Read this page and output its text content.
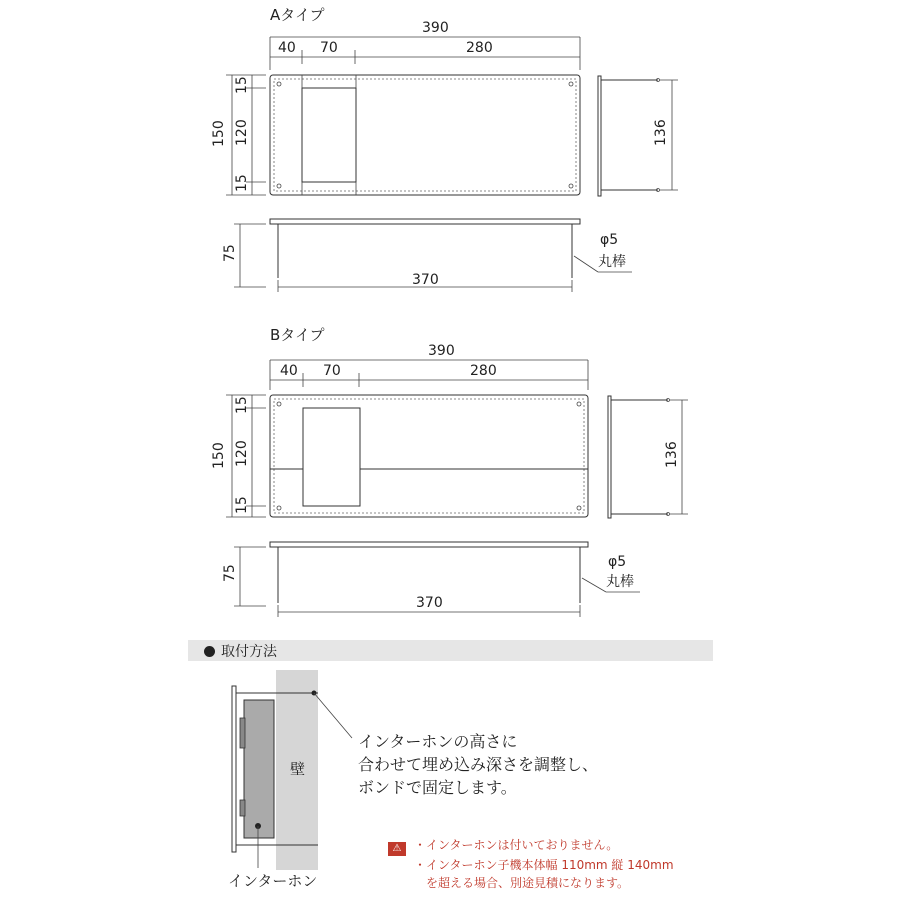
Aタイプ
390
40 70	280
150
15
120
15
136
75
370
φ5
丸棒
Bタイプ
390
40 70	280
150
15
120
15
136
75
370
φ5
丸棒
壁
取付方法
インターホンの高さに
合わせて埋め込み深さを調整し、
ボンドで固定します。
インターホン
⚠ ・インターホンは付いておりません。
・インターホン子機本体幅 110mm 縦 140mm
を超える場合、別途見積になります。
